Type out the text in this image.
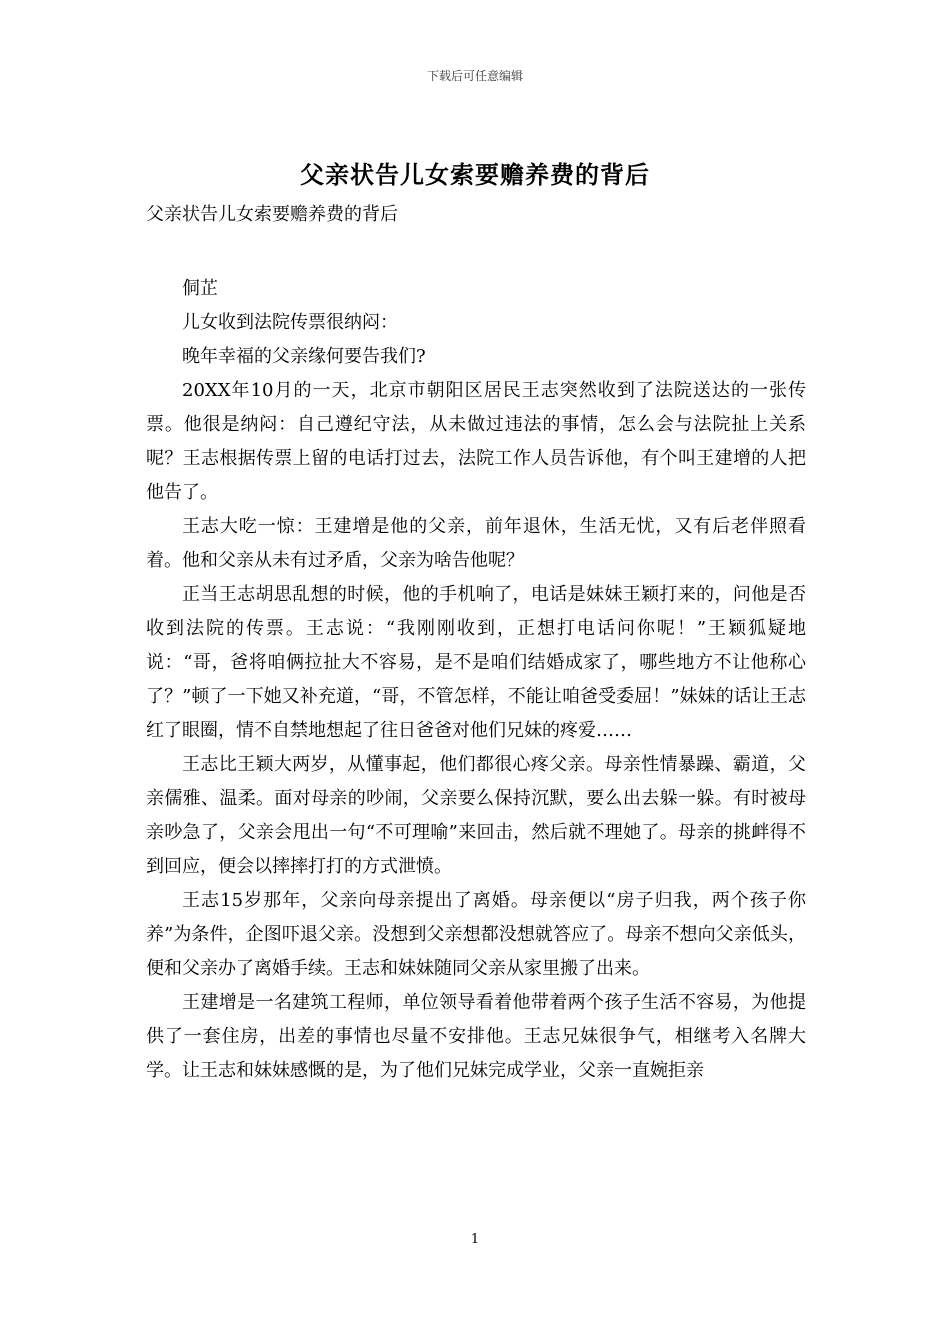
下载后可任意编辑
父亲状告儿女索要赡养费的背后
父亲状告儿女索要赡养费的背后

侗芷

儿女收到法院传票很纳闷：

晚年幸福的父亲缘何要告我们?

20XX年10月的一天，北京市朝阳区居民王志突然收到了法院送达的一张传票。他很是纳闷：自己遵纪守法，从未做过违法的事情，怎么会与法院扯上关系呢？王志根据传票上留的电话打过去，法院工作人员告诉他，有个叫王建增的人把他告了。

王志大吃一惊：王建增是他的父亲，前年退休，生活无忧，又有后老伴照看着。他和父亲从未有过矛盾，父亲为啥告他呢？

正当王志胡思乱想的时候，他的手机响了，电话是妹妹王颖打来的，问他是否收到法院的传票。王志说：“我刚刚收到，正想打电话问你呢！”王颖狐疑地说：“哥，爸将咱俩拉扯大不容易，是不是咱们结婚成家了，哪些地方不让他称心了？”顿了一下她又补充道，“哥，不管怎样，不能让咱爸受委屈！”妹妹的话让王志红了眼圈，情不自禁地想起了往日爸爸对他们兄妹的疼爱……

王志比王颖大两岁，从懂事起，他们都很心疼父亲。母亲性情暴躁、霸道，父亲儒雅、温柔。面对母亲的吵闹，父亲要么保持沉默，要么出去躲一躲。有时被母亲吵急了，父亲会甩出一句“不可理喻”来回击，然后就不理她了。母亲的挑衅得不到回应，便会以摔摔打打的方式泄愤。

王志15岁那年，父亲向母亲提出了离婚。母亲便以“房子归我，两个孩子你养”为条件，企图吓退父亲。没想到父亲想都没想就答应了。母亲不想向父亲低头，便和父亲办了离婚手续。王志和妹妹随同父亲从家里搬了出来。

王建增是一名建筑工程师，单位领导看着他带着两个孩子生活不容易，为他提供了一套住房，出差的事情也尽量不安排他。王志兄妹很争气，相继考入名牌大学。让王志和妹妹感慨的是，为了他们兄妹完成学业，父亲一直婉拒亲

1
